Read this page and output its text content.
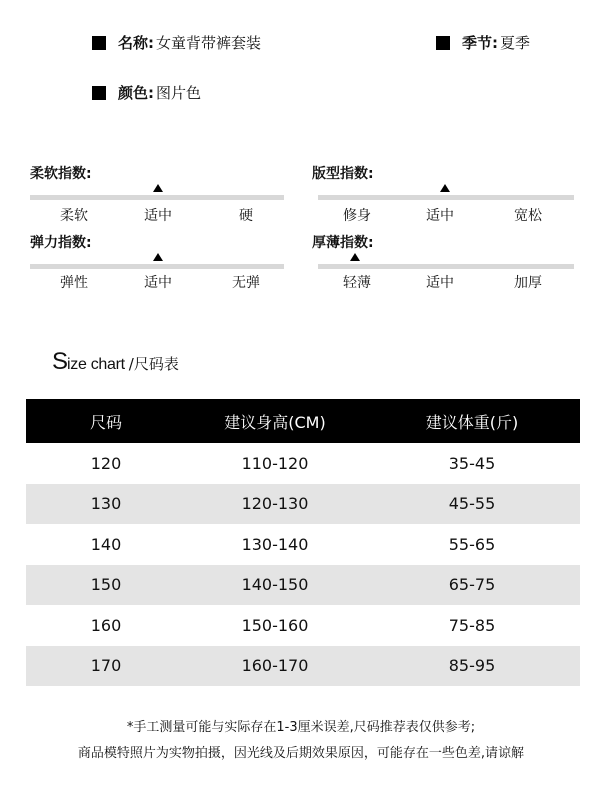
名称: 女童背带裤套装	季节: 夏季
颜色: 图片色
柔软指数:
柔软	适中	硬
版型指数:
修身	适中	宽松
弹力指数:
弹性	适中	无弹
厚薄指数:
轻薄	适中	加厚
S ize chart /尺码表
尺码	建议身高(CM)	建议体重(斤)
120	110-120	35-45
130	120-130	45-55
140	130-140	55-65
150	140-150	65-75
160	150-160	75-85
170	160-170	85-95
*手工测量可能与实际存在1-3厘米误差,尺码推荐表仅供参考;
商品模特照片为实物拍摄，因光线及后期效果原因，可能存在一些色差,请谅解
